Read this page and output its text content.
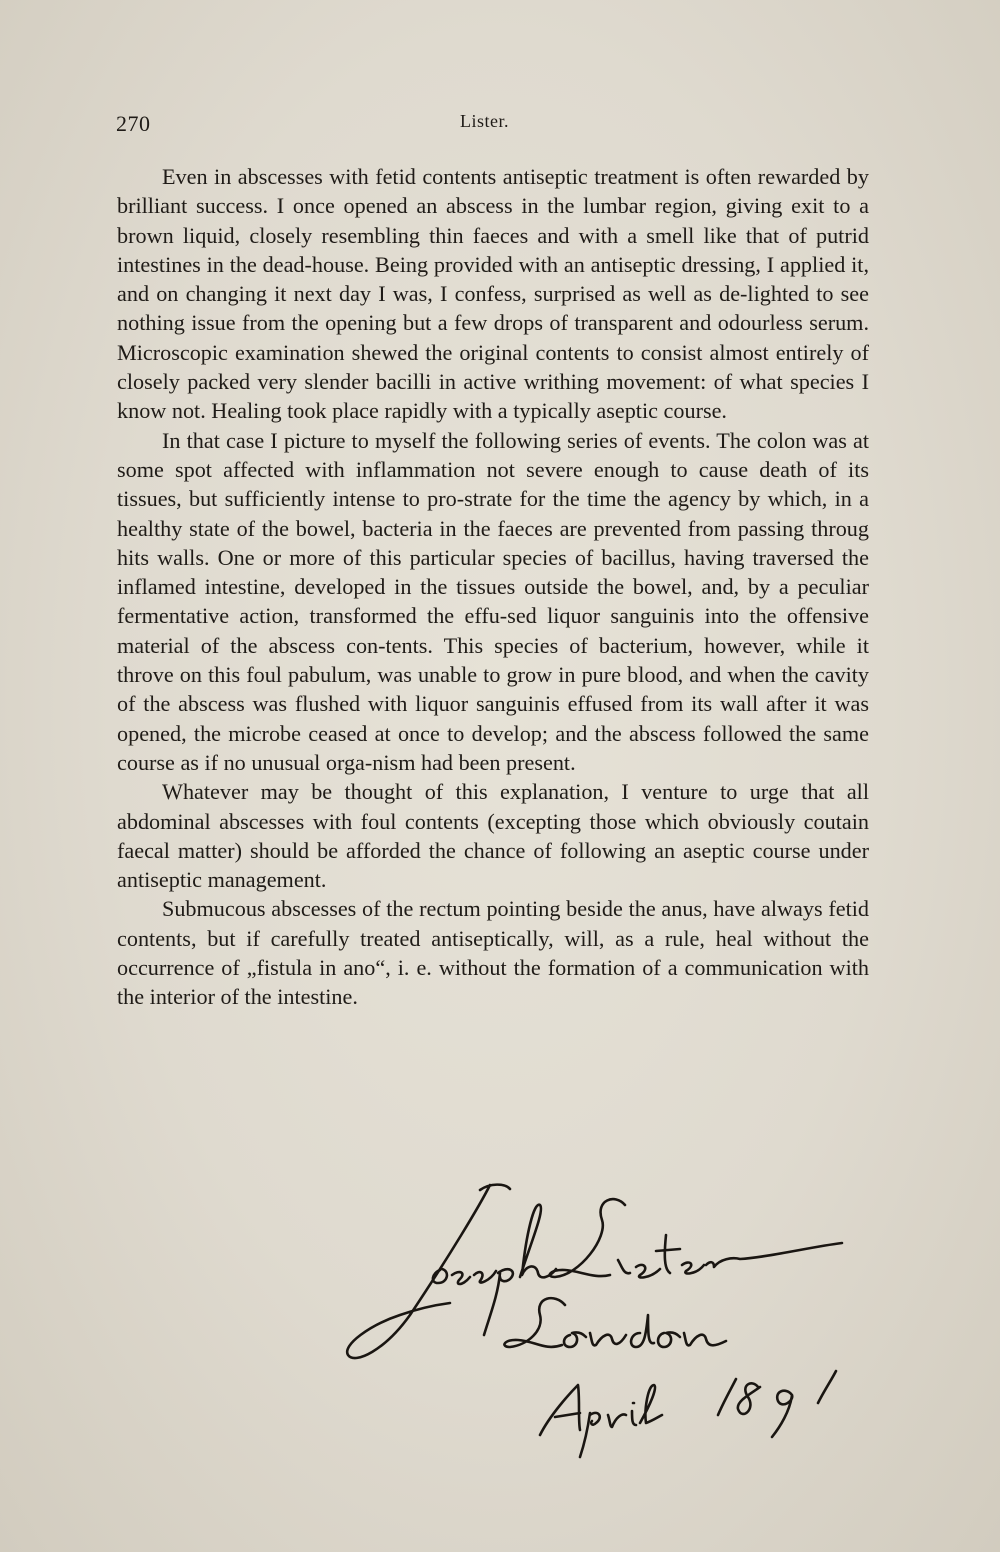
270	Lister.

Even in abscesses with fetid contents antiseptic treatment is often rewarded by brilliant success. I once opened an abscess in the lumbar region, giving exit to a brown liquid, closely resembling thin faeces and with a smell like that of putrid intestines in the dead-house. Being provided with an antiseptic dressing, I applied it, and on changing it next day I was, I confess, surprised as well as de-lighted to see nothing issue from the opening but a few drops of transparent and odourless serum. Microscopic examination shewed the original contents to consist almost entirely of closely packed very slender bacilli in active writhing movement: of what species I know not. Healing took place rapidly with a typically aseptic course.

In that case I picture to myself the following series of events. The colon was at some spot affected with inflammation not severe enough to cause death of its tissues, but sufficiently intense to pro-strate for the time the agency by which, in a healthy state of the bowel, bacteria in the faeces are prevented from passing throug hits walls. One or more of this particular species of bacillus, having traversed the inflamed intestine, developed in the tissues outside the bowel, and, by a peculiar fermentative action, transformed the effu-sed liquor sanguinis into the offensive material of the abscess con-tents. This species of bacterium, however, while it throve on this foul pabulum, was unable to grow in pure blood, and when the cavity of the abscess was flushed with liquor sanguinis effused from its wall after it was opened, the microbe ceased at once to develop; and the abscess followed the same course as if no unusual orga-nism had been present.

Whatever may be thought of this explanation, I venture to urge that all abdominal abscesses with foul contents (excepting those which obviously coutain faecal matter) should be afforded the chance of following an aseptic course under antiseptic management.

Submucous abscesses of the rectum pointing beside the anus, have always fetid contents, but if carefully treated antiseptically, will, as a rule, heal without the occurrence of „fistula in ano“, i. e. without the formation of a communication with the interior of the intestine.
